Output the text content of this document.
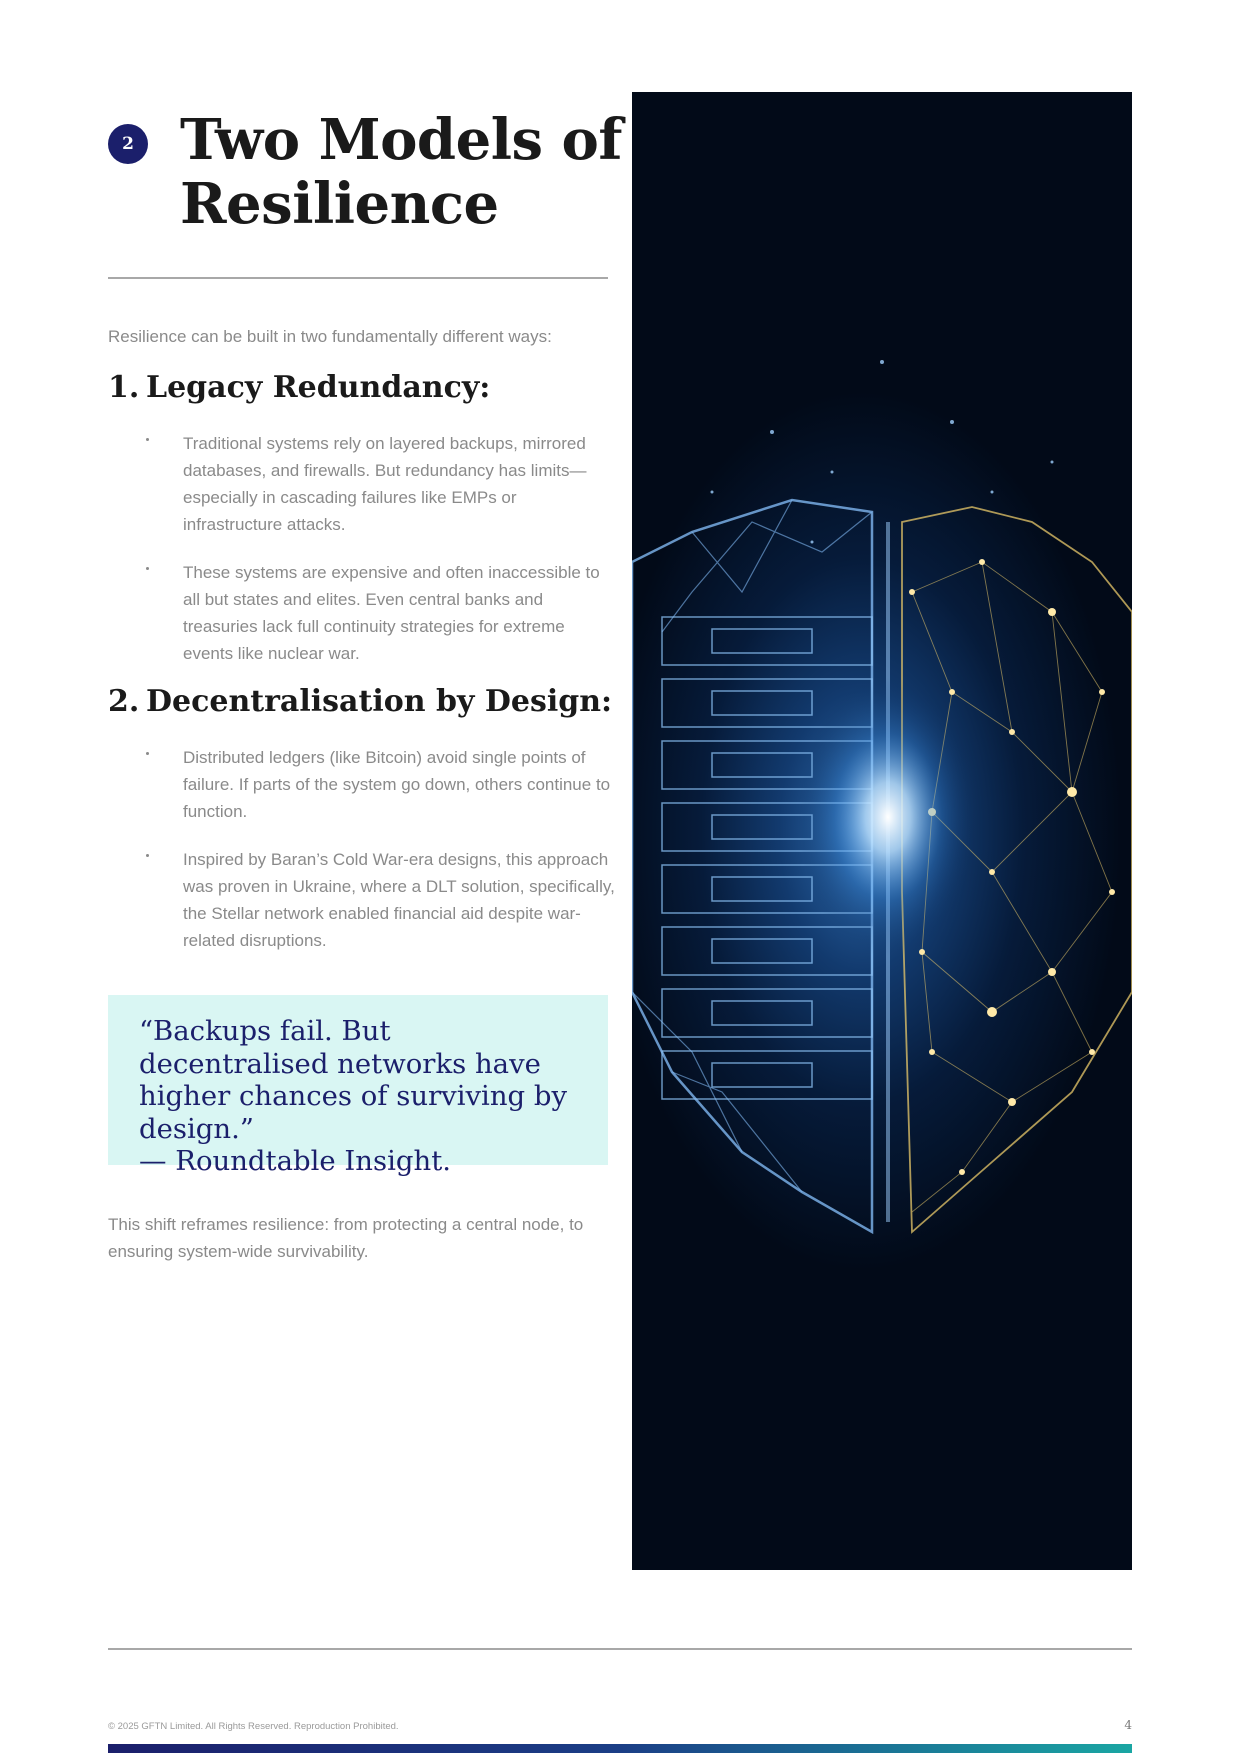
2 Two Models of Resilience

Resilience can be built in two fundamentally different ways:

1. Legacy Redundancy:
Traditional systems rely on layered backups, mirrored databases, and firewalls. But redundancy has limits—especially in cascading failures like EMPs or infrastructure attacks.
These systems are expensive and often inaccessible to all but states and elites. Even central banks and treasuries lack full continuity strategies for extreme events like nuclear war.
2. Decentralisation by Design:
Distributed ledgers (like Bitcoin) avoid single points of failure. If parts of the system go down, others continue to function.
Inspired by Baran’s Cold War-era designs, this approach was proven in Ukraine, where a DLT solution, specifically, the Stellar network enabled financial aid despite war-related disruptions.

“Backups fail. But decentralised networks have higher chances of surviving by design.”

— Roundtable Insight.

This shift reframes resilience: from protecting a central node, to ensuring system-wide survivability.

© 2025 GFTN Limited. All Rights Reserved. Reproduction Prohibited.	4
